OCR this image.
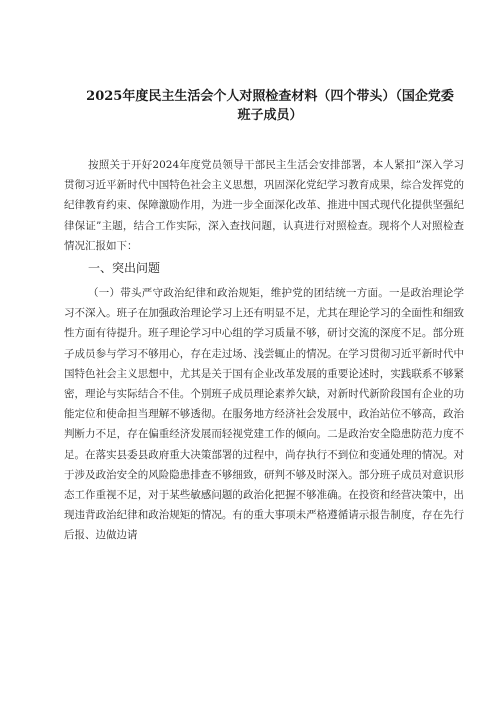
2025年度民主生活会个人对照检查材料（四个带头）（国企党委班子成员）

按照关于开好2024年度党员领导干部民主生活会安排部署，本人紧扣”深入学习贯彻习近平新时代中国特色社会主义思想，巩固深化党纪学习教育成果，综合发挥党的纪律教育约束、保障激励作用，为进一步全面深化改革、推进中国式现代化提供坚强纪律保证”主题，结合工作实际，深入查找问题，认真进行对照检查。现将个人对照检查情况汇报如下：

一、突出问题

（一）带头严守政治纪律和政治规矩，维护党的团结统一方面。一是政治理论学习不深入。班子在加强政治理论学习上还有明显不足，尤其在理论学习的全面性和细致性方面有待提升。班子理论学习中心组的学习质量不够，研讨交流的深度不足。部分班子成员参与学习不够用心，存在走过场、浅尝辄止的情况。在学习贯彻习近平新时代中国特色社会主义思想中，尤其是关于国有企业改革发展的重要论述时，实践联系不够紧密，理论与实际结合不佳。个别班子成员理论素养欠缺，对新时代新阶段国有企业的功能定位和使命担当理解不够透彻。在服务地方经济社会发展中，政治站位不够高，政治判断力不足，存在偏重经济发展而轻视党建工作的倾向。二是政治安全隐患防范力度不足。在落实县委县政府重大决策部署的过程中，尚存执行不到位和变通处理的情况。对于涉及政治安全的风险隐患排查不够细致，研判不够及时深入。部分班子成员对意识形态工作重视不足，对于某些敏感问题的政治化把握不够准确。在投资和经营决策中，出现违背政治纪律和政治规矩的情况。有的重大事项未严格遵循请示报告制度，存在先行后报、边做边请
